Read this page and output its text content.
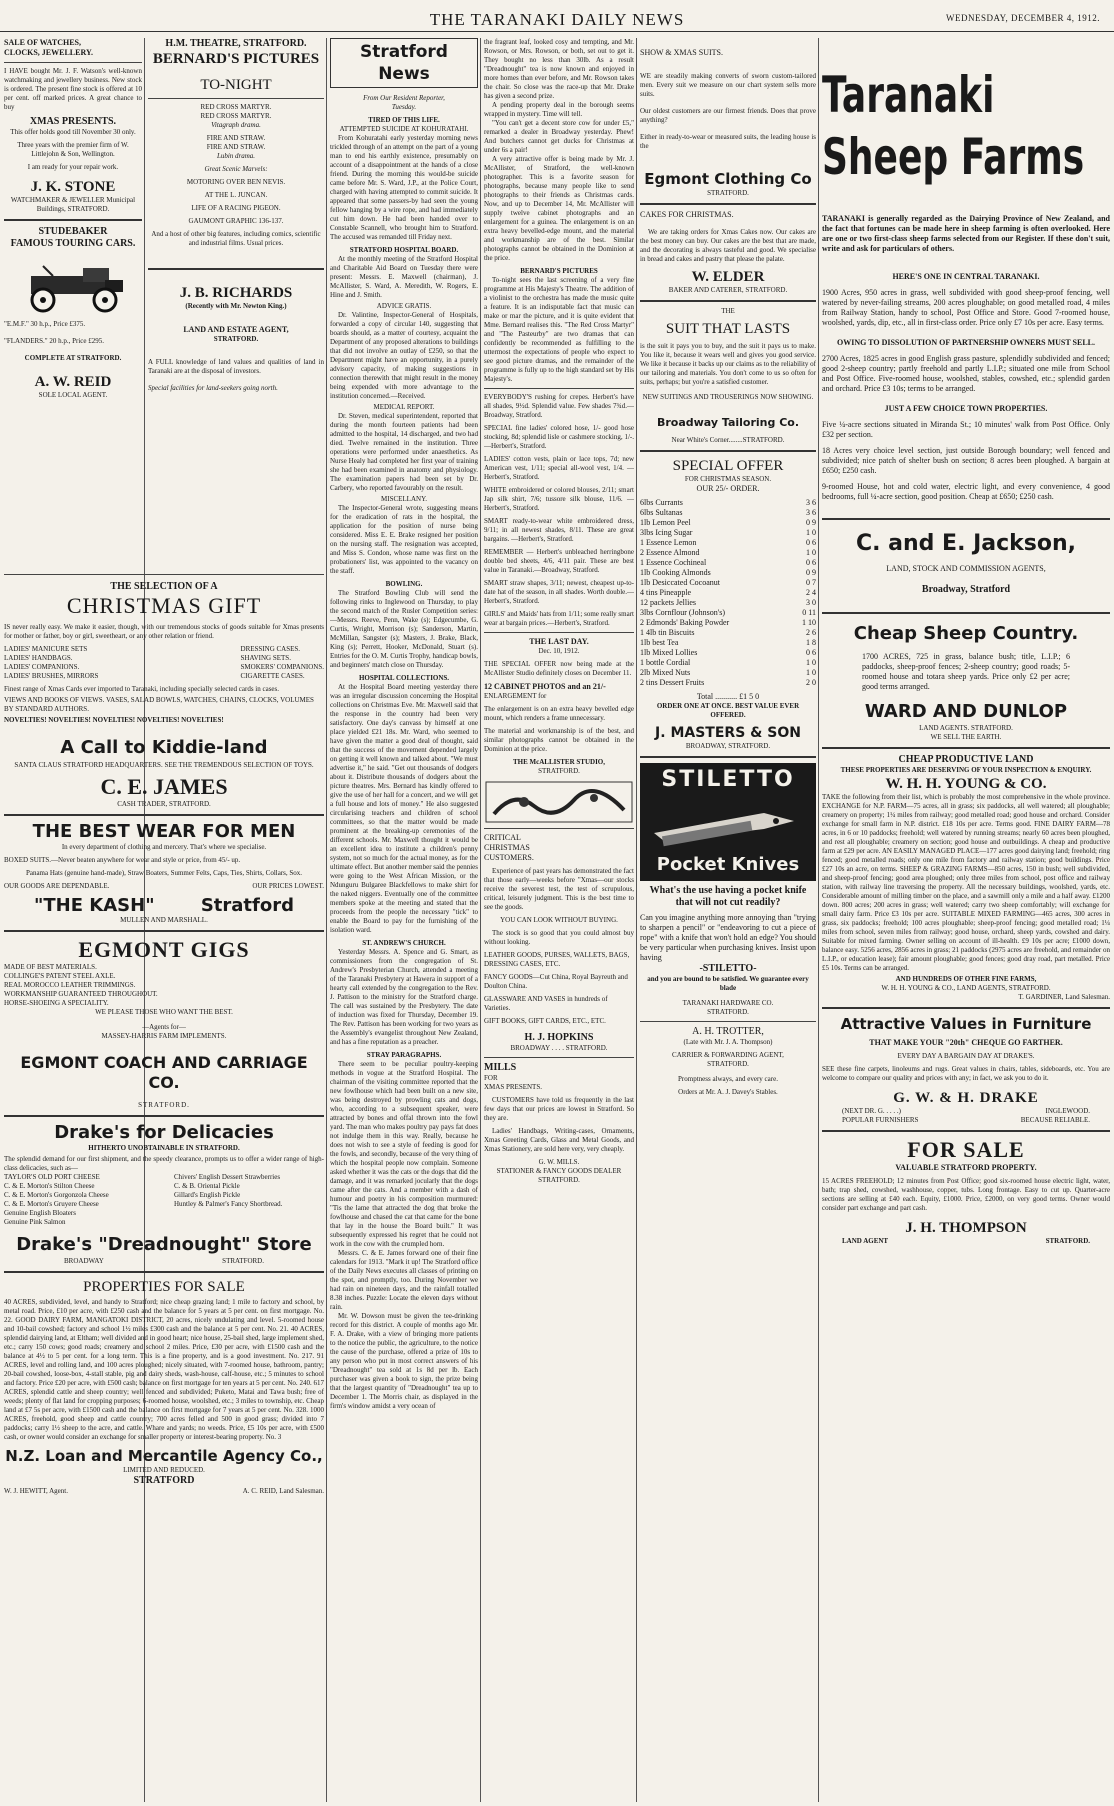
THE TARANAKI DAILY NEWS	WEDNESDAY, DECEMBER 4, 1912.
SALE OF WATCHES,
CLOCKS, JEWELLERY.
I HAVE bought Mr. J. F. Watson's well-known watchmaking and jewellery business. New stock is ordered. The present fine stock is offered at 10 per cent. off marked prices. A great chance to buy
XMAS PRESENTS.
This offer holds good till November 30 only.
Three years with the premier firm of W. Littlejohn & Son, Wellington.
I am ready for your repair work.
J. K. STONE
WATCHMAKER & JEWELLER Municipal Buildings, STRATFORD.
STUDEBAKER
FAMOUS TOURING CARS.
"E.M.F." 30 h.p., Price £375.
"FLANDERS." 20 h.p., Price £295.
COMPLETE AT STRATFORD.
A. W. REID
SOLE LOCAL AGENT.
H.M. THEATRE, STRATFORD.
BERNARD'S PICTURES
TO-NIGHT
RED CROSS MARTYR.
RED CROSS MARTYR.
Vitagraph drama.
FIRE AND STRAW.
FIRE AND STRAW.
Lubin drama.
Great Scenic Marvels:
MOTORING OVER BEN NEVIS.
AT THE L. JUNCAN.
LIFE OF A RACING PIGEON.
GAUMONT GRAPHIC 136-137.
And a host of other big features, including comics, scientific and industrial films. Usual prices.
J. B. RICHARDS
(Recently with Mr. Newton King.)
LAND AND ESTATE AGENT,
STRATFORD.
A FULL knowledge of land values and qualities of land in Taranaki are at the disposal of investors.
Special facilities for land-seekers going north.
THE SELECTION OF A
CHRISTMAS GIFT
IS never really easy. We make it easier, though, with our tremendous stocks of goods suitable for Xmas presents for mother or father, boy or girl, sweetheart, or any other relation or friend.
LADIES' MANICURE SETS
LADIES' HANDBAGS.
LADIES' COMPANIONS.
LADIES' BRUSHES, MIRRORS
DRESSING CASES.
SHAVING SETS.
SMOKERS' COMPANIONS.
CIGARETTE CASES.
Finest range of Xmas Cards ever imported to Taranaki, including specially selected cards in cases.
VIEWS AND BOOKS OF VIEWS. VASES, SALAD BOWLS, WATCHES, CHAINS, CLOCKS, VOLUMES BY STANDARD AUTHORS.
NOVELTIES! NOVELTIES! NOVELTIES! NOVELTIES! NOVELTIES!
A Call to Kiddie-land
SANTA CLAUS STRATFORD HEADQUARTERS. SEE THE TREMENDOUS SELECTION OF TOYS.
C. E. JAMES
CASH TRADER, STRATFORD.
THE BEST WEAR FOR MEN
In every department of clothing and mercery. That's where we specialise.
BOXED SUITS.—Never beaten anywhere for wear and style or price, from 45/- up.
Panama Hats (genuine hand-made), Straw Boaters, Summer Felts, Caps, Ties, Shirts, Collars, Sox.
OUR GOODS ARE DEPENDABLE.	OUR PRICES LOWEST.
"THE KASH"	Stratford
MULLEN AND MARSHALL.
EGMONT GIGS
MADE OF BEST MATERIALS.
COLLINGE'S PATENT STEEL AXLE.
REAL MOROCCO LEATHER TRIMMINGS.
WORKMANSHIP GUARANTEED THROUGHOUT.
HORSE-SHOEING A SPECIALITY.
WE PLEASE THOSE WHO WANT THE BEST.
—Agents for—
MASSEY-HARRIS FARM IMPLEMENTS.
EGMONT COACH AND CARRIAGE CO.
STRATFORD.
Drake's for Delicacies
HITHERTO UNOBTAINABLE IN STRATFORD.
The splendid demand for our first shipment, and the speedy clearance, prompts us to offer a wider range of high-class delicacies, such as—
TAYLOR'S OLD PORT CHEESE
C. & E. Morton's Stilton Cheese
C. & E. Morton's Gorgonzola Cheese
C. & E. Morton's Gruyere Cheese
Genuine English Bloaters
Genuine Pink Salmon
Chivers' English Dessert Strawberries
C. & B. Oriental Pickle
Gillard's English Pickle
Huntley & Palmer's Fancy Shortbread.
Drake's "Dreadnought" Store
BROADWAY	STRATFORD.
PROPERTIES FOR SALE
40 ACRES, subdivided, level, and handy to Stratford; nice cheap grazing land; 1 mile to factory and school, by metal road. Price, £10 per acre, with £250 cash and the balance for 5 years at 5 per cent. on first mortgage. No. 22. GOOD DAIRY FARM, MANGATOKI DISTRICT, 20 acres, nicely undulating and level. 5-roomed house and 10-bail cowshed; factory and school 1½ miles £300 cash and the balance at 5 per cent. No. 21. 40 ACRES, splendid dairying land, at Eltham; well divided and in good heart; nice house, 25-bail shed, large implement shed, etc.; carry 150 cows; good roads; creamery and school 2 miles. Price, £30 per acre, with £1500 cash and the balance at 4½ to 5 per cent. for a long term. This is a fine property, and is a good investment. No. 217. 91 ACRES, level and rolling land, and 100 acres ploughed; nicely situated, with 7-roomed house, bathroom, pantry; 20-bail cowshed, loose-box, 4-stall stable, pig and dairy sheds, wash-house, calf-house, etc.; 5 minutes to school and factory. Price £20 per acre, with £500 cash; balance on first mortgage for ten years at 5 per cent. No. 240. 617 ACRES, splendid cattle and sheep country; well fenced and subdivided; Puketo, Matai and Tawa bush; free of weeds; plenty of flat land for cropping purposes; 6-roomed house, woolshed, etc.; 3 miles to township, etc. Cheap land at £7 5s per acre, with £1500 cash and the balance on first mortgage for 7 years at 5 per cent. No. 328. 1000 ACRES, freehold, good sheep and cattle country; 700 acres felled and 500 in good grass; divided into 7 paddocks; carry 1½ sheep to the acre, and cattle. Whare and yards; no weeds. Price, £5 10s per acre, with £500 cash, or owner would consider an exchange for smaller property or interest-bearing property. No. 3
N.Z. Loan and Mercantile Agency Co.,
LIMITED AND REDUCED.
STRATFORD
W. J. HEWITT, Agent.	A. C. REID, Land Salesman.
Stratford News
From Our Resident Reporter,
Tuesday.
TIRED OF THIS LIFE.
ATTEMPTED SUICIDE AT KOHURATAHI.
From Kohuratahi early yesterday morning news trickled through of an attempt on the part of a young man to end his earthly existence, presumably on account of a disappointment at the hands of a close friend. During the morning this would-be suicide came before Mr. S. Ward, J.P., at the Police Court, charged with having attempted to commit suicide. It appeared that some passers-by had seen the young fellow hanging by a wire rope, and had immediately cut him down. He had been handed over to Constable Scannell, who brought him to Stratford. The accused was remanded till Friday next.
STRATFORD HOSPITAL BOARD.
At the monthly meeting of the Stratford Hospital and Charitable Aid Board on Tuesday there were present: Messrs. E. Maxwell (chairman), J. McAllister, S. Ward, A. Meredith, W. Rogers, E. Hine and J. Smith.
ADVICE GRATIS.
Dr. Valintine, Inspector-General of Hospitals, forwarded a copy of circular 140, suggesting that boards should, as a matter of courtesy, acquaint the Department of any proposed alterations to buildings that did not involve an outlay of £250, so that the Department might have an opportunity, in a purely advisory capacity, of making suggestions in connection therewith that might result in the money being expended with more advantage to the institution concerned.—Received.
MEDICAL REPORT.
Dr. Steven, medical superintendent, reported that during the month fourteen patients had been admitted to the hospital, 14 discharged, and two had died. Twelve remained in the institution. Three operations were performed under anaesthetics. As Nurse Healy had completed her first year of training she had been examined in anatomy and physiology. The examination papers had been set by Dr. Carbery, who reported favourably on the result.
MISCELLANY.
The Inspector-General wrote, suggesting means for the eradication of rats in the hospital, the application for the position of nurse being considered. Miss E. E. Brake resigned her position on the nursing staff. The resignation was accepted, and Miss S. Condon, whose name was first on the probationers' list, was appointed to the vacancy on the staff.
BOWLING.
The Stratford Bowling Club will send the following rinks to Inglewood on Thursday, to play the second match of the Rusler Competition series:—Messrs. Reeve, Penn, Wake (s); Edgecumbe, G. Curtis, Wright, Morrison (s); Sanderson, Martin, McMillan, Sangster (s); Masters, J. Brake, Black, King (s); Perrett, Hooker, McDonald, Stuart (s). Entries for the O. M. Curtis Trophy, handicap bowls, and beginners' match close on Thursday.
HOSPITAL COLLECTIONS.
At the Hospital Board meeting yesterday there was an irregular discussion concerning the Hospital collections on Christmas Eve. Mr. Maxwell said that the response in the country had been very satisfactory. One day's canvass by himself at one place yielded £21 18s. Mr. Ward, who seemed to have given the matter a good deal of thought, said that the success of the movement depended largely on getting it well known and talked about. "We must advertise it," he said. "Get out thousands of dodgers about it. Distribute thousands of dodgers about the picture theatres. Mrs. Bernard has kindly offered to give the use of her hall for a concert, and we will get a full house and lots of money." He also suggested circularising teachers and children of school committees, so that the matter would be made prominent at the breaking-up ceremonies of the different schools. Mr. Maxwell thought it would be an excellent idea to institute a children's penny system, not so much for the actual money, as for the ultimate effect. But another member said the pennies were going to the West African Mission, or the Ndunguru Bulgaree Blackfellows to make shirt for the naked niggers. Eventually one of the committee members spoke at the meeting and stated that the proceeds from the people the necessary "tick" to enable the Board to pay for the furnishing of the isolation ward.
ST. ANDREW'S CHURCH.
Yesterday Messrs. A. Spence and G. Smart, as commissioners from the congregation of St. Andrew's Presbyterian Church, attended a meeting of the Taranaki Presbytery at Hawera in support of a hearty call extended by the congregation to the Rev. J. Pattison to the ministry for the Stratford charge. The call was sustained by the Presbytery. The date of induction was fixed for Thursday, December 19. The Rev. Pattison has been working for two years as the Assembly's evangelist throughout New Zealand, and has a fine reputation as a preacher.
STRAY PARAGRAPHS.
There seem to be peculiar poultry-keeping methods in vogue at the Stratford Hospital. The chairman of the visiting committee reported that the new fowlhouse which had been built on a new site, was being destroyed by prowling cats and dogs, who, according to a subsequent speaker, were attracted by bones and offal thrown into the fowl yard. The man who makes poultry pay pays fat does not indulge them in this way. Really, because he does not wish to see a style of feeding is good for the fowls, and secondly, because of the very thing of which the hospital people now complain. Someone asked whether it was the cats or the dogs that did the damage, and it was remarked jocularly that the dogs came after the cats. And a member with a dash of humour and poetry in his composition murmured: "Tis the lame that attracted the dog that broke the fowlhouse and chased the cat that came for the bone that lay in the house the Board built." It was subsequently expressed his regret that he could not work in the cow with the crumpled horn.
Messrs. C. & E. James forward one of their fine calendars for 1913. "Mark it up! The Stratford office of the Daily News executes all classes of printing on the spot, and promptly, too. During November we had rain on nineteen days, and the rainfall totalled 8.38 inches. Puzzle: Locate the eleven days without rain.
Mr. W. Dowson must be given the tee-drinking record for this district. A couple of months ago Mr. F. A. Drake, with a view of bringing more patients to the notice the public, the agriculture, to the notice the cause of the purchase, offered a prize of 10s to any person who put in most correct answers of his "Dreadnought" tea sold at 1s 8d per lb. Each purchaser was given a book to sign, the prize being that the largest quantity of "Dreadnought" tea up to December 1. The Morris chair, as displayed in the firm's window amidst a very ocean of
the fragrant leaf, looked cosy and tempting, and Mr. Rowson, or Mrs. Rowson, or both, set out to get it. They bought no less than 30lb. As a result "Dreadnought" tea is now known and enjoyed in more homes than ever before, and Mr. Rowson takes the chair. So close was the race-up that Mr. Drake has given a second prize.
A pending property deal in the borough seems wrapped in mystery. Time will tell.
"You can't get a decent store cow for under £5," remarked a dealer in Broadway yesterday. Phew! And butchers cannot get ducks for Christmas at under 6s a pair!
A very attractive offer is being made by Mr. J. McAllister, of Stratford, the well-known photographer. This is a favorite season for photographs, because many people like to send photographs to their friends as Christmas cards. Now, and up to December 14, Mr. McAllister will supply twelve cabinet photographs and an enlargement for a guinea. The enlargement is on an extra heavy bevelled-edge mount, and the material and workmanship are of the best. Similar photographs cannot be obtained in the Dominion at the price.
BERNARD'S PICTURES
To-night sees the last screening of a very fine programme at His Majesty's Theatre. The addition of a violinist to the orchestra has made the music quite a feature. It is an indisputable fact that music can make or mar the picture, and it is quite evident that Mme. Bernard realises this. "The Red Cross Martyr" and "The Pasteurby" are two dramas that can confidently be recommended as fulfilling to the uttermost the expectations of people who expect to see good picture dramas, and the remainder of the programme is fully up to the high standard set by His Majesty's.
EVERYBODY'S rushing for crepes. Herbert's have all shades, 9½d. Splendid value. Few shades 7¾d.— Broadway, Stratford.
SPECIAL fine ladies' colored hose, 1/- good hose stocking, 8d; splendid lisle or cashmere stocking, 1/-. —Herbert's, Stratford.
LADIES' cotton vests, plain or lace tops, 7d; new American vest, 1/11; special all-wool vest, 1/4. — Herbert's, Stratford.
WHITE embroidered or colored blouses, 2/11; smart Jap silk shirt, 7/6; tussore silk blouse, 11/6. — Herbert's, Stratford.
SMART ready-to-wear white embroidered dress, 9/11; in all newest shades, 8/11. These are great bargains. —Herbert's, Stratford.
REMEMBER — Herbert's unbleached herringbone double bed sheets, 4/6, 4/11 pair. These are best value in Taranaki.—Broadway, Stratford.
SMART straw shapes, 3/11; newest, cheapest up-to-date hat of the season, in all shades. Worth double.— Herbert's, Stratford.
GIRLS' and Maids' hats from 1/11; some really smart wear at bargain prices.—Herbert's, Stratford.
THE LAST DAY.
Dec. 10, 1912.
THE SPECIAL OFFER now being made at the McAllister Studio definitely closes on December 11.
12 CABINET PHOTOS and an 21/-
ENLARGEMENT for
The enlargement is on an extra heavy bevelled edge mount, which renders a frame unnecessary.
The material and workmanship is of the best, and similar photographs cannot be obtained in the Dominion at the price.
THE McALLISTER STUDIO,
STRATFORD.
CRITICAL
CHRISTMAS
CUSTOMERS.
Experience of past years has demonstrated the fact that those early—weeks before "Xmas—our stocks receive the severest test, the test of scrupulous, critical, leisurely judgment. This is the best time to see the goods.
YOU CAN LOOK WITHOUT BUYING.
The stock is so good that you could almost buy without looking.
LEATHER GOODS, PURSES, WALLETS, BAGS, DRESSING CASES, ETC.
FANCY GOODS—Cut China, Royal Bayreuth and Doulton China.
GLASSWARE AND VASES in hundreds of Varieties.
GIFT BOOKS, GIFT CARDS, ETC., ETC.
H. J. HOPKINS
BROADWAY . . . . STRATFORD.
MILLS
FOR
XMAS PRESENTS.
CUSTOMERS have told us frequently in the last few days that our prices are lowest in Stratford. So they are.
Ladies' Handbags, Writing-cases, Ornaments, Xmas Greeting Cards, Glass and Metal Goods, and Xmas Stationery, are sold here very, very cheaply.
G. W. MILLS.
STATIONER & FANCY GOODS DEALER
STRATFORD.
SHOW & XMAS SUITS.
WE are steadily making converts of sworn custom-tailored men. Every suit we measure on our chart system sells more suits.
Our oldest customers are our firmest friends. Does that prove anything?
Either in ready-to-wear or measured suits, the leading house is the
Egmont Clothing Co
STRATFORD.
CAKES FOR CHRISTMAS.
We are taking orders for Xmas Cakes now. Our cakes are the best money can buy. Our cakes are the best that are made, and the decorating is always tasteful and good. We specialise in bread and cakes and pastry that please the palate.
W. ELDER
BAKER AND CATERER, STRATFORD.
THE
SUIT THAT LASTS
is the suit it pays you to buy, and the suit it pays us to make. You like it, because it wears well and gives you good service. We like it because it backs up our claims as to the reliability of our tailoring and materials. You don't come to us so often for suits, perhaps; but you're a satisfied customer.
NEW SUITINGS AND TROUSERINGS NOW SHOWING.
Broadway Tailoring Co.
Near White's Corner........STRATFORD.
SPECIAL OFFER
FOR CHRISTMAS SEASON.
OUR 25/- ORDER.
6lbs Currants	3 6
6lbs Sultanas	3 6
1lb Lemon Peel	0 9
3lbs Icing Sugar	1 0
1 Essence Lemon	0 6
2 Essence Almond	1 0
1 Essence Cochineal	0 6
1lb Cooking Almonds	0 9
1lb Desiccated Cocoanut	0 7
4 tins Pineapple	2 4
12 packets Jellies	3 0
3lbs Cornflour (Johnson's)	0 11
2 Edmonds' Baking Powder	1 10
1 4lb tin Biscuits	2 6
1lb best Tea	1 8
1lb Mixed Lollies	0 6
1 bottle Cordial	1 0
2lb Mixed Nuts	1 0
2 tins Dessert Fruits	2 0
Total ........... £1 5 0
ORDER ONE AT ONCE. BEST VALUE EVER OFFERED.
J. MASTERS & SON
BROADWAY, STRATFORD.
STILETTO
Pocket Knives
What's the use having a pocket knife that will not cut readily?
Can you imagine anything more annoying than "trying to sharpen a pencil" or "endeavoring to cut a piece of rope" with a knife that won't hold an edge? You should be very particular when purchasing knives. Insist upon having
-STILETTO-
and you are bound to be satisfied. We guarantee every blade
TARANAKI HARDWARE CO.
STRATFORD.
A. H. TROTTER,
(Late with Mr. J. A. Thompson)
CARRIER & FORWARDING AGENT,
STRATFORD.
Promptness always, and every care.
Orders at Mr. A. J. Davey's Stables.
Taranaki
Sheep Farms
TARANAKI is generally regarded as the Dairying Province of New Zealand, and the fact that fortunes can be made here in sheep farming is often overlooked. Here are one or two first-class sheep farms selected from our Register. If these don't suit, write and ask for particulars of others.
HERE'S ONE IN CENTRAL TARANAKI.
1900 Acres, 950 acres in grass, well subdivided with good sheep-proof fencing, well watered by never-failing streams, 200 acres ploughable; on good metalled road, 4 miles from Railway Station, handy to school, Post Office and Store. Good 7-roomed house, woolshed, yards, dip, etc., all in first-class order. Price only £7 10s per acre. Easy terms.
OWING TO DISSOLUTION OF PARTNERSHIP OWNERS MUST SELL.
2700 Acres, 1825 acres in good English grass pasture, splendidly subdivided and fenced; good 2-sheep country; partly freehold and partly L.I.P.; situated one mile from School and Post Office. Five-roomed house, woolshed, stables, cowshed, etc.; splendid garden and orchard. Price £3 10s; terms to be arranged.
JUST A FEW CHOICE TOWN PROPERTIES.
Five ¼-acre sections situated in Miranda St.; 10 minutes' walk from Post Office. Only £32 per section.
18 Acres very choice level section, just outside Borough boundary; well fenced and subdivided; nice patch of shelter bush on section; 8 acres been ploughed. A bargain at £650; £250 cash.
9-roomed House, hot and cold water, electric light, and every convenience, 4 good bedrooms, full ¼-acre section, good position. Cheap at £650; £250 cash.
C. and E. Jackson,
LAND, STOCK AND COMMISSION AGENTS,
Broadway, Stratford
Cheap Sheep Country.
1700 ACRES, 725 in grass, balance bush; title, L.I.P.; 6 paddocks, sheep-proof fences; 2-sheep country; good roads; 5-roomed house and totara sheep yards. Price only £2 per acre; good terms arranged.
WARD AND DUNLOP
LAND AGENTS. STRATFORD.
WE SELL THE EARTH.
CHEAP PRODUCTIVE LAND
THESE PROPERTIES ARE DESERVING OF YOUR INSPECTION & ENQUIRY.
W. H. H. YOUNG & CO.
TAKE the following from their list, which is probably the most comprehensive in the whole province. EXCHANGE for N.P. FARM—75 acres, all in grass; six paddocks, all well watered; all ploughable; creamery on property; 1¼ miles from railway; good metalled road; good house and orchard. Consider exchange for small farm in N.P. district. £18 10s per acre. Terms good. FINE DAIRY FARM—78 acres, in 6 or 10 paddocks; freehold; well watered by running streams; nearly 60 acres been ploughed, and rest all ploughable; creamery on section; good house and outbuildings. A cheap and productive farm at £29 per acre. AN EASILY MANAGED PLACE—177 acres good dairying land; freehold; ring fenced; good metalled roads; only one mile from factory and railway station; good buildings. Price £27 10s an acre, on terms. SHEEP & GRAZING FARMS—850 acres, 150 in bush; well subdivided, and sheep-proof fencing; good area ploughed; only three miles from school, post office and railway station, with railway line traversing the property. All the necessary buildings, woolshed, yards, etc. Considerable amount of milling timber on the place, and a sawmill only a mile and a half away. £1200 down. 800 acres; 200 acres in grass; well watered; carry two sheep comfortably; will exchange for small dairy farm. Price £3 10s per acre. SUITABLE MIXED FARMING—465 acres, 300 acres in grass, six paddocks; freehold; 100 acres ploughable; sheep-proof fencing; good metalled road; 1¼ miles from school, seven miles from railway; good house, orchard, sheep yards, cowshed and dairy. Suitable for mixed farming. Owner selling on account of ill-health. £9 10s per acre; £1000 down, balance easy. 5256 acres, 2856 acres in grass; 21 paddocks (2975 acres are freehold, and remainder on L.I.P., or education lease); fair amount ploughable; good fences; good dray road, part metalled. Price £5 10s. Terms can be arranged.
AND HUNDREDS OF OTHER FINE FARMS,
W. H. H. YOUNG & CO., LAND AGENTS, STRATFORD.
T. GARDINER, Land Salesman.
Attractive Values in Furniture
THAT MAKE YOUR "20th" CHEQUE GO FARTHER.
EVERY DAY A BARGAIN DAY AT DRAKE'S.
SEE these fine carpets, linoleums and rugs. Great values in chairs, tables, sideboards, etc. You are welcome to compare our quality and prices with any; in fact, we ask you to do it.
G. W. & H. DRAKE
(NEXT DR. G. . . . .)	INGLEWOOD.
POPULAR FURNISHERS	BECAUSE RELIABLE.
FOR SALE
VALUABLE STRATFORD PROPERTY.
15 ACRES FREEHOLD; 12 minutes from Post Office; good six-roomed house electric light, water, bath; trap shed, cowshed, washhouse, copper, tubs. Long frontage. Easy to cut up. Quarter-acre sections are selling at £40 each. Equity, £1000. Price, £2000, on very good terms. Owner would consider part exchange and part cash.
J. H. THOMPSON
LAND AGENT	STRATFORD.
